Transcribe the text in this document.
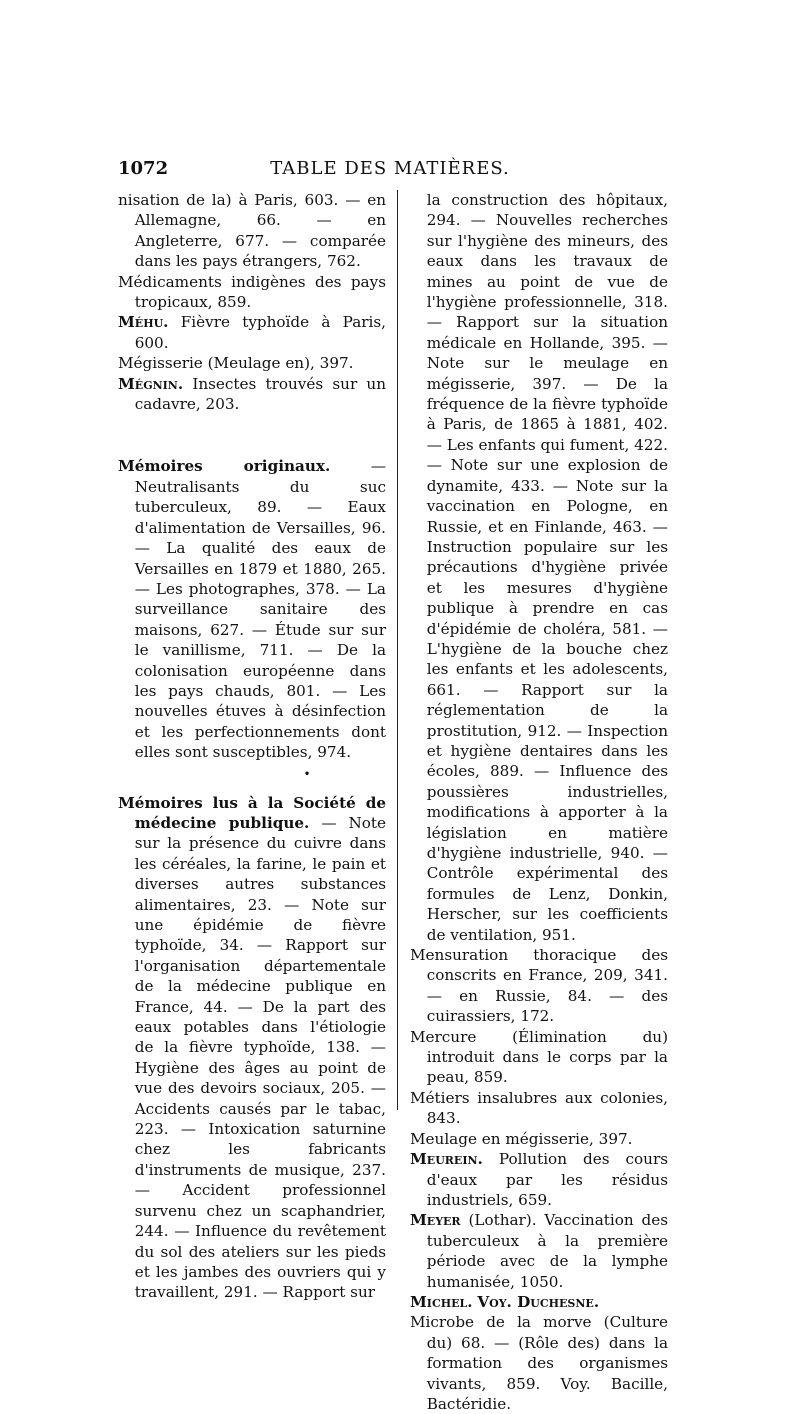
1072	TABLE DES MATIÈRES.

nisation de la) à Paris, 603. — en Allemagne, 66. — en Angleterre, 677. — comparée dans les pays étrangers, 762.

Médicaments indigènes des pays tropicaux, 859.

Méhu. Fièvre typhoïde à Paris, 600.

Mégisserie (Meulage en), 397.

Mégnin. Insectes trouvés sur un cadavre, 203.

Mémoires originaux.	— Neutralisants du suc tuberculeux, 89. — Eaux d'alimentation de Versailles, 96. — La qualité des eaux de Versailles en 1879 et 1880, 265. — Les photographes, 378. — La surveillance sanitaire des maisons, 627. — Étude sur sur le vanillisme, 711. — De la colonisation européenne dans les pays chauds, 801. — Les nouvelles étuves à désinfection et les perfectionnements dont elles sont susceptibles, 974.

•

Mémoires lus à la Société de médecine publique. — Note sur la présence du cuivre dans les céréales, la farine, le pain et diverses autres substances alimentaires, 23. — Note sur une épidémie de fièvre typhoïde, 34. — Rapport sur l'organisation départementale de la médecine publique en France, 44. — De la part des eaux potables dans l'étiologie de la fièvre typhoïde, 138. — Hygiène des âges au point de vue des devoirs sociaux, 205. — Accidents causés par le tabac, 223. — Intoxication saturnine chez les fabricants d'instruments de musique, 237. — Accident professionnel survenu chez un scaphandrier, 244. — Influence du revêtement du sol des ateliers sur les pieds et les jambes des ouvriers qui y travaillent, 291. — Rapport sur

la construction des hôpitaux, 294. — Nouvelles recherches sur l'hygiène des mineurs, des eaux dans les travaux de mines au point de vue de l'hygiène professionnelle, 318. — Rapport sur la situation médicale en Hollande, 395. — Note sur le meulage en mégisserie, 397. — De la fréquence de la fièvre typhoïde à Paris, de 1865 à 1881, 402. — Les enfants qui fument, 422. — Note sur une explosion de dynamite, 433. — Note sur la vaccination en Pologne, en Russie, et en Finlande, 463. — Instruction populaire sur les précautions d'hygiène privée et les mesures d'hygiène publique à prendre en cas d'épidémie de choléra, 581. — L'hygiène de la bouche chez les enfants et les adolescents, 661. — Rapport sur la réglementation de la prostitution, 912. — Inspection et hygiène dentaires dans les écoles, 889. — Influence des poussières industrielles, modifications à apporter à la législation en matière d'hygiène industrielle, 940. — Contrôle expérimental des formules de Lenz, Donkin, Herscher, sur les coefficients de ventilation, 951.

Mensuration thoracique des conscrits en France, 209, 341. — en Russie, 84. — des cuirassiers, 172.

Mercure (Élimination du) introduit dans le corps par la peau, 859.

Métiers insalubres aux colonies, 843.

Meulage en mégisserie, 397.

Meurein. Pollution des cours d'eaux par les résidus industriels, 659.

Meyer (Lothar). Vaccination des tuberculeux à la première période avec de la lymphe humanisée, 1050.

Michel. Voy. Duchesne.

Microbe de la morve (Culture du) 68. — (Rôle des) dans la formation des organismes vivants, 859. Voy. Bacille, Bactéridie.
